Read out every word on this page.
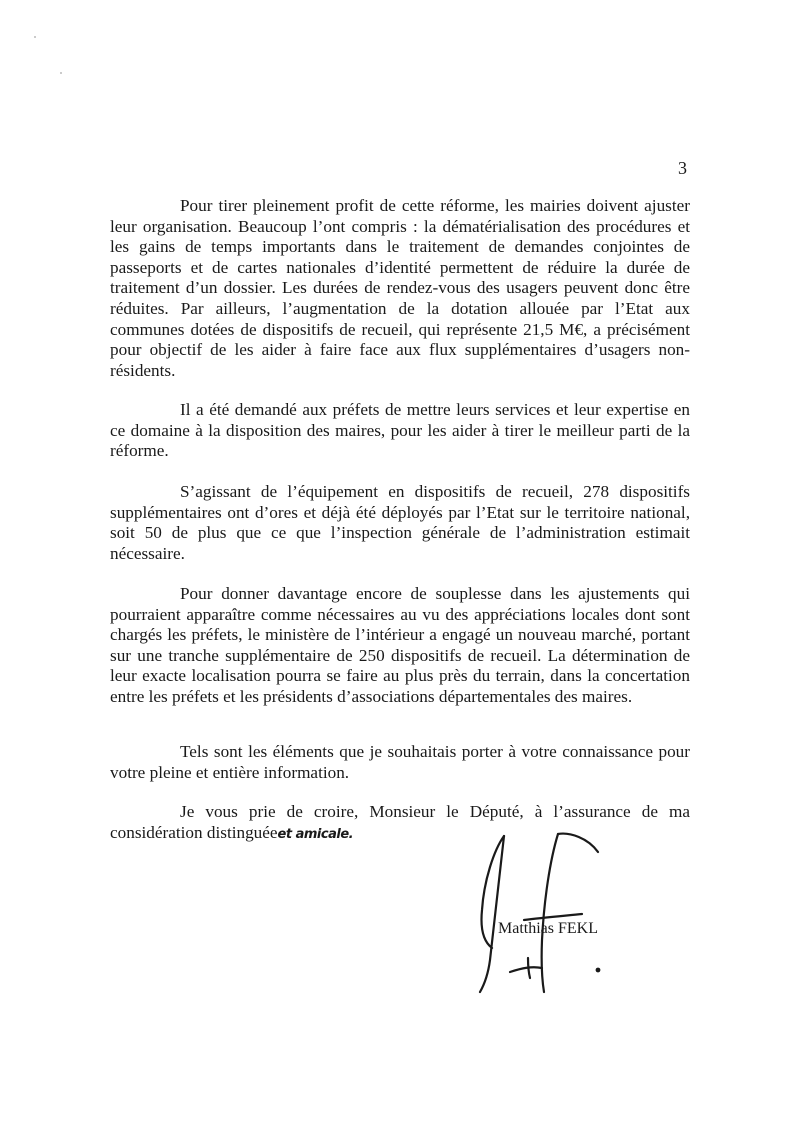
3

Pour tirer pleinement profit de cette réforme, les mairies doivent ajuster leur organisation. Beaucoup l’ont compris : la dématérialisation des procédures et les gains de temps importants dans le traitement de demandes conjointes de passeports et de cartes nationales d’identité permettent de réduire la durée de traitement d’un dossier. Les durées de rendez-vous des usagers peuvent donc être réduites. Par ailleurs, l’augmentation de la dotation allouée par l’Etat aux communes dotées de dispositifs de recueil, qui représente 21,5 M€, a précisément pour objectif de les aider à faire face aux flux supplémentaires d’usagers non-résidents.

Il a été demandé aux préfets de mettre leurs services et leur expertise en ce domaine à la disposition des maires, pour les aider à tirer le meilleur parti de la réforme.

S’agissant de l’équipement en dispositifs de recueil, 278 dispositifs supplémentaires ont d’ores et déjà été déployés par l’Etat sur le territoire national, soit 50 de plus que ce que l’inspection générale de l’administration estimait nécessaire.

Pour donner davantage encore de souplesse dans les ajustements qui pourraient apparaître comme nécessaires au vu des appréciations locales dont sont chargés les préfets, le ministère de l’intérieur a engagé un nouveau marché, portant sur une tranche supplémentaire de 250 dispositifs de recueil. La détermination de leur exacte localisation pourra se faire au plus près du terrain, dans la concertation entre les préfets et les présidents d’associations départementales des maires.

Tels sont les éléments que je souhaitais porter à votre connaissance pour votre pleine et entière information.

Je vous prie de croire, Monsieur le Député, à l’assurance de ma considération distinguéeet amicale.

Matthias FEKL
